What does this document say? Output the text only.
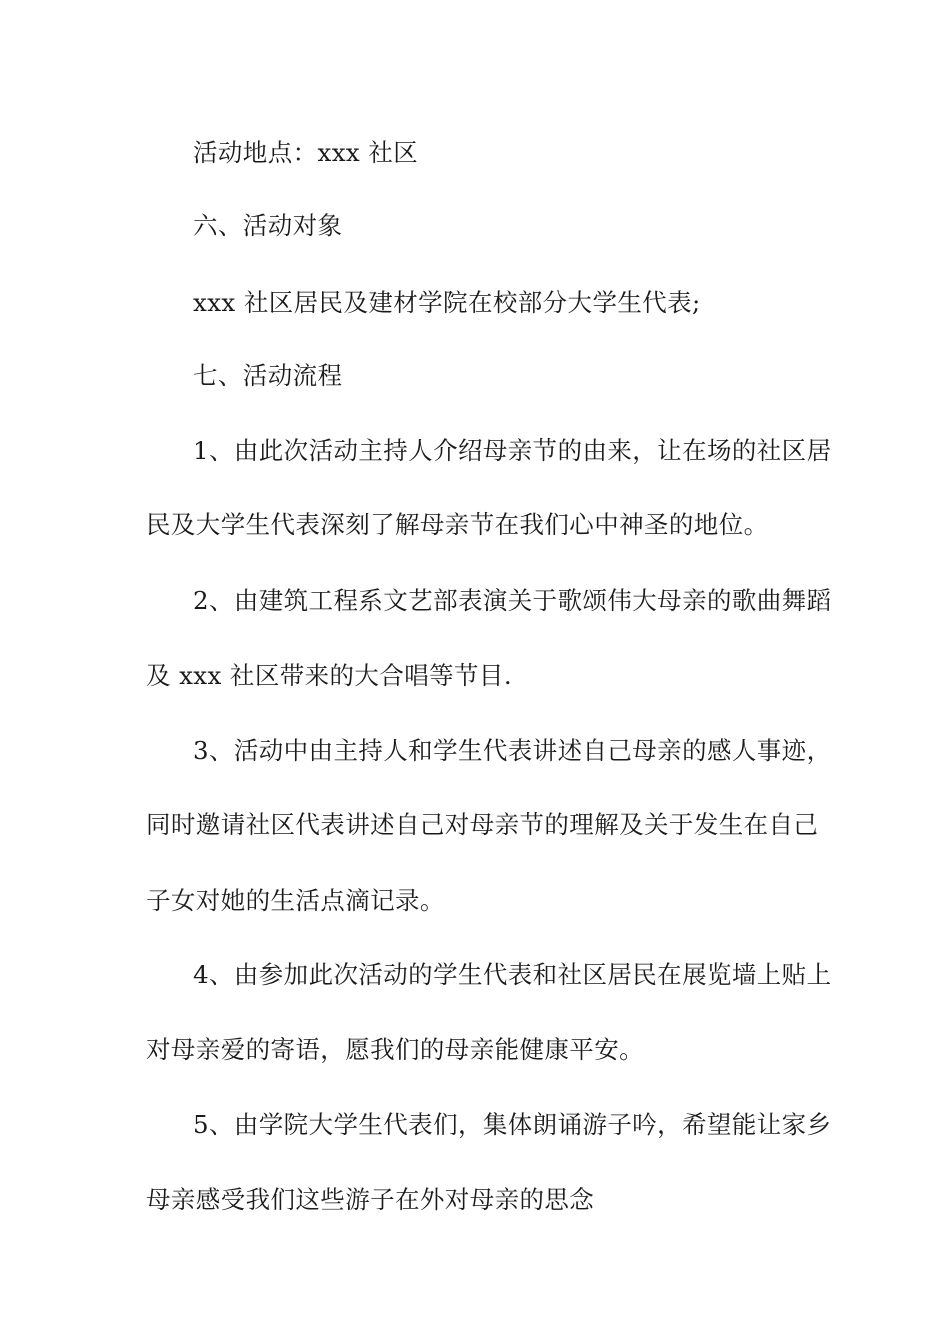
活动地点：xxx 社区
六、活动对象
xxx 社区居民及建材学院在校部分大学生代表;
七、活动流程
1、由此次活动主持人介绍母亲节的由来，让在场的社区居
民及大学生代表深刻了解母亲节在我们心中神圣的地位。
2、由建筑工程系文艺部表演关于歌颂伟大母亲的歌曲舞蹈
及 xxx 社区带来的大合唱等节目.
3、活动中由主持人和学生代表讲述自己母亲的感人事迹，
同时邀请社区代表讲述自己对母亲节的理解及关于发生在自己
子女对她的生活点滴记录。
4、由参加此次活动的学生代表和社区居民在展览墙上贴上
对母亲爱的寄语，愿我们的母亲能健康平安。
5、由学院大学生代表们，集体朗诵游子吟，希望能让家乡
母亲感受我们这些游子在外对母亲的思念
